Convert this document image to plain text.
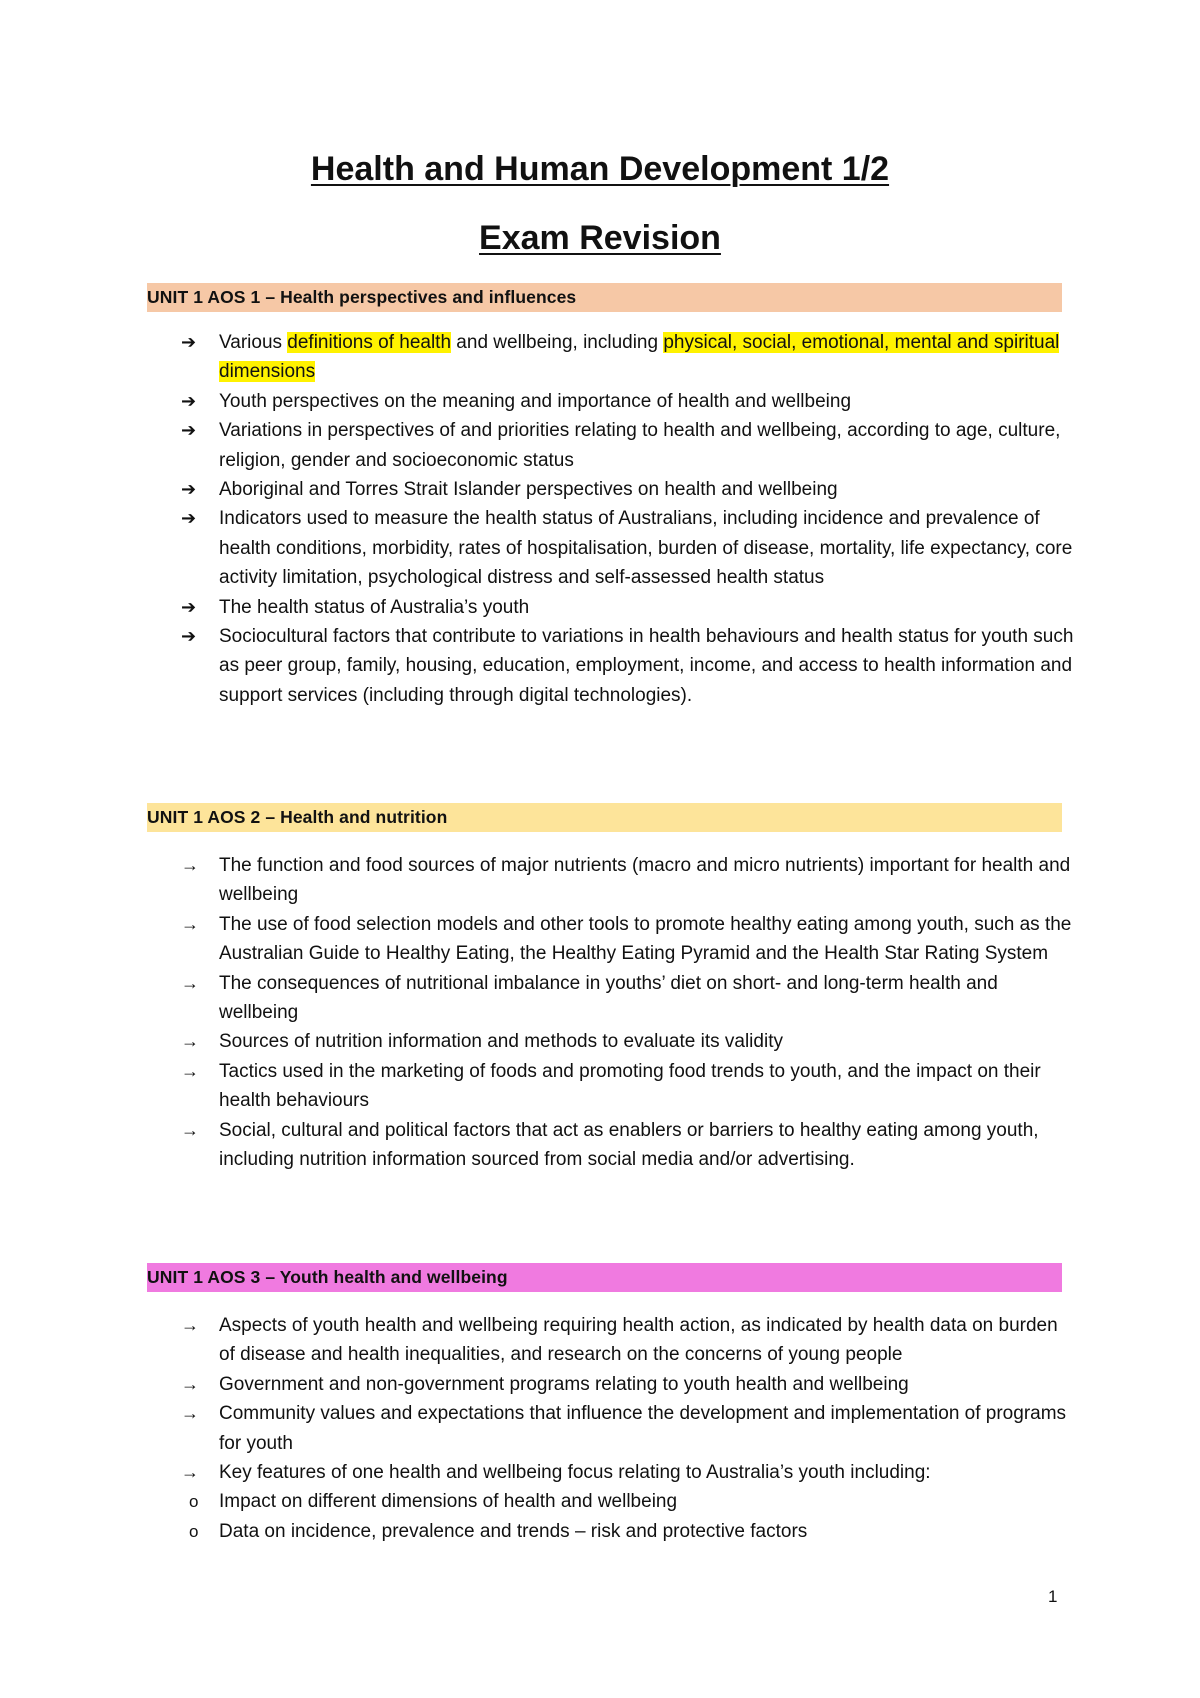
Health and Human Development 1/2
Exam Revision
UNIT 1 AOS 1 – Health perspectives and influences
➔ Various definitions of health and wellbeing, including physical, social, emotional, mental and spiritual dimensions
➔ Youth perspectives on the meaning and importance of health and wellbeing
➔ Variations in perspectives of and priorities relating to health and wellbeing, according to age, culture, religion, gender and socioeconomic status
➔ Aboriginal and Torres Strait Islander perspectives on health and wellbeing
➔ Indicators used to measure the health status of Australians, including incidence and prevalence of health conditions, morbidity, rates of hospitalisation, burden of disease, mortality, life expectancy, core activity limitation, psychological distress and self-assessed health status
➔ The health status of Australia’s youth
➔ Sociocultural factors that contribute to variations in health behaviours and health status for youth such as peer group, family, housing, education, employment, income, and access to health information and support services (including through digital technologies).
UNIT 1 AOS 2 – Health and nutrition
→ The function and food sources of major nutrients (macro and micro nutrients) important for health and wellbeing
→ The use of food selection models and other tools to promote healthy eating among youth, such as the Australian Guide to Healthy Eating, the Healthy Eating Pyramid and the Health Star Rating System
→ The consequences of nutritional imbalance in youths’ diet on short- and long-term health and wellbeing
→ Sources of nutrition information and methods to evaluate its validity
→ Tactics used in the marketing of foods and promoting food trends to youth, and the impact on their health behaviours
→ Social, cultural and political factors that act as enablers or barriers to healthy eating among youth, including nutrition information sourced from social media and/or advertising.
UNIT 1 AOS 3 – Youth health and wellbeing
→ Aspects of youth health and wellbeing requiring health action, as indicated by health data on burden of disease and health inequalities, and research on the concerns of young people
→ Government and non-government programs relating to youth health and wellbeing
→ Community values and expectations that influence the development and implementation of programs for youth
→ Key features of one health and wellbeing focus relating to Australia’s youth including:
o Impact on different dimensions of health and wellbeing
o Data on incidence, prevalence and trends – risk and protective factors
1
